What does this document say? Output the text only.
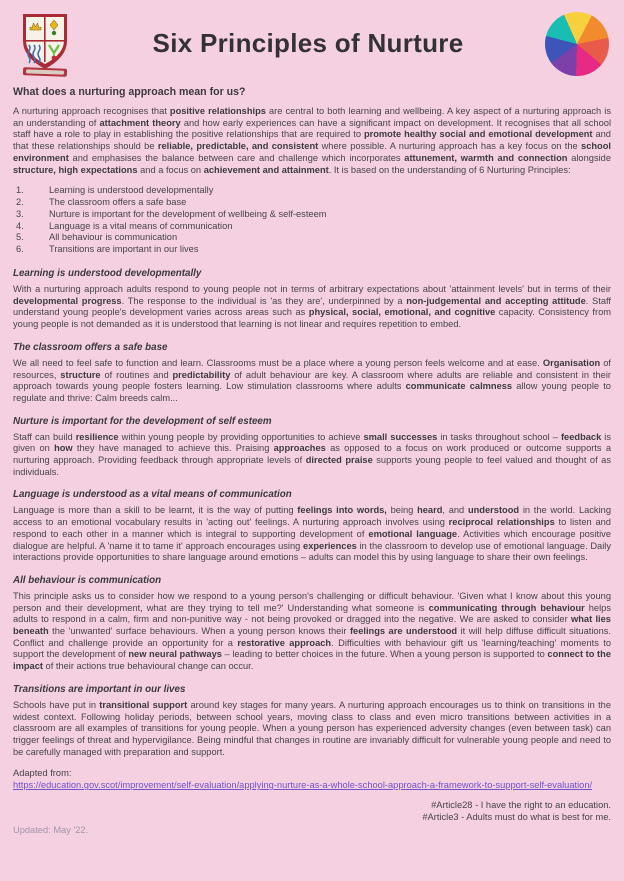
Six Principles of Nurture
What does a nurturing approach mean for us?

A nurturing approach recognises that positive relationships are central to both learning and wellbeing. A key aspect of a nurturing approach is an understanding of attachment theory and how early experiences can have a significant impact on development. It recognises that all school staff have a role to play in establishing the positive relationships that are required to promote healthy social and emotional development and that these relationships should be reliable, predictable, and consistent where possible. A nurturing approach has a key focus on the school environment and emphasises the balance between care and challenge which incorporates attunement, warmth and connection alongside structure, high expectations and a focus on achievement and attainment. It is based on the understanding of 6 Nurturing Principles:

1.	Learning is understood developmentally
2.	The classroom offers a safe base
3.	Nurture is important for the development of wellbeing & self-esteem
4.	Language is a vital means of communication
5.	All behaviour is communication
6.	Transitions are important in our lives
Learning is understood developmentally

With a nurturing approach adults respond to young people not in terms of arbitrary expectations about 'attainment levels' but in terms of their developmental progress. The response to the individual is 'as they are', underpinned by a non-judgemental and accepting attitude. Staff understand young people's development varies across areas such as physical, social, emotional, and cognitive capacity. Consistency from young people is not demanded as it is understood that learning is not linear and requires repetition to embed.

The classroom offers a safe base

We all need to feel safe to function and learn. Classrooms must be a place where a young person feels welcome and at ease. Organisation of resources, structure of routines and predictability of adult behaviour are key. A classroom where adults are reliable and consistent in their approach towards young people fosters learning. Low stimulation classrooms where adults communicate calmness allow young people to regulate and thrive: Calm breeds calm...

Nurture is important for the development of self esteem

Staff can build resilience within young people by providing opportunities to achieve small successes in tasks throughout school – feedback is given on how they have managed to achieve this. Praising approaches as opposed to a focus on work produced or outcome supports a nurturing approach. Providing feedback through appropriate levels of directed praise supports young people to feel valued and thought of as individuals.

Language is understood as a vital means of communication

Language is more than a skill to be learnt, it is the way of putting feelings into words, being heard, and understood in the world. Lacking access to an emotional vocabulary results in 'acting out' feelings. A nurturing approach involves using reciprocal relationships to listen and respond to each other in a manner which is integral to supporting development of emotional language. Activities which encourage positive dialogue are helpful. A 'name it to tame it' approach encourages using experiences in the classroom to develop use of emotional language. Daily interactions provide opportunities to share language around emotions – adults can model this by using language to share their own feelings.

All behaviour is communication

This principle asks us to consider how we respond to a young person's challenging or difficult behaviour. 'Given what I know about this young person and their development, what are they trying to tell me?' Understanding what someone is communicating through behaviour helps adults to respond in a calm, firm and non-punitive way - not being provoked or dragged into the negative. We are asked to consider what lies beneath the 'unwanted' surface behaviours. When a young person knows their feelings are understood it will help diffuse difficult situations. Conflict and challenge provide an opportunity for a restorative approach. Difficulties with behaviour gift us 'learning/teaching' moments to support the development of new neural pathways – leading to better choices in the future. When a young person is supported to connect to the impact of their actions true behavioural change can occur.

Transitions are important in our lives

Schools have put in transitional support around key stages for many years. A nurturing approach encourages us to think on transitions in the widest context. Following holiday periods, between school years, moving class to class and even micro transitions between activities in a classroom are all examples of transitions for young people. When a young person has experienced adversity changes (even between task) can trigger feelings of threat and hypervigilance. Being mindful that changes in routine are invariably difficult for vulnerable young people and need to be carefully managed with preparation and support.

Adapted from:
https://education.gov.scot/improvement/self-evaluation/applying-nurture-as-a-whole-school-approach-a-framework-to-support-self-evaluation/
#Article28 - I have the right to an education.
#Article3 - Adults must do what is best for me.
Updated: May '22.
